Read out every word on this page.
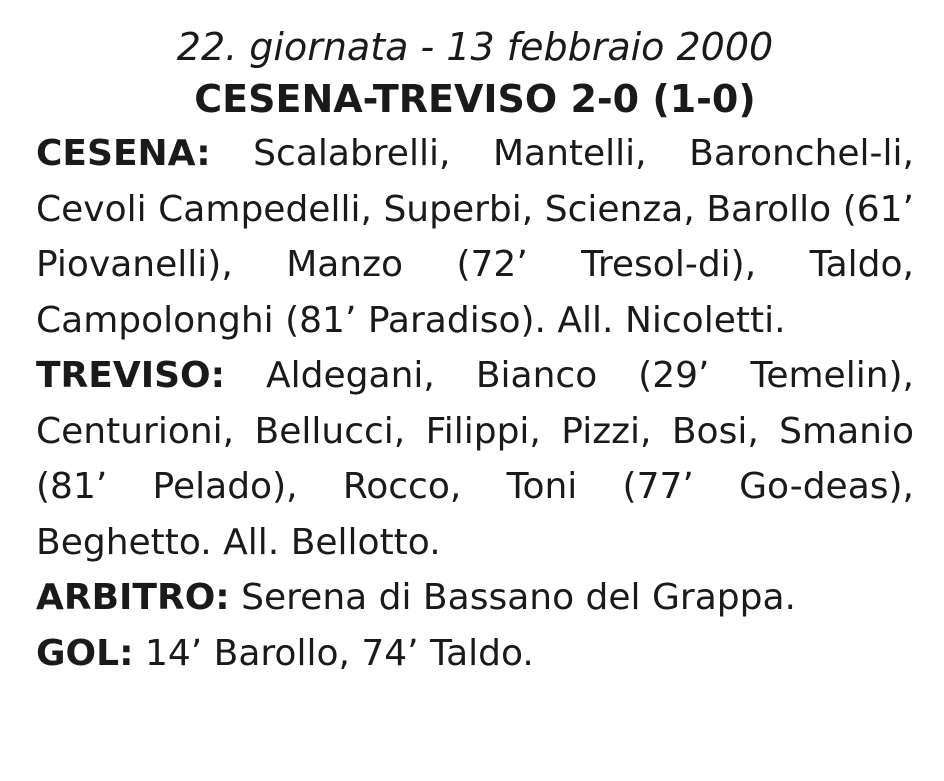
22. giornata - 13 febbraio 2000

CESENA-TREVISO 2-0 (1-0)

CESENA: Scalabrelli, Mantelli, Baronchel-li, Cevoli Campedelli, Superbi, Scienza, Barollo (61’ Piovanelli), Manzo (72’ Tresol-di), Taldo, Campolonghi (81’ Paradiso). All. Nicoletti.

TREVISO: Aldegani, Bianco (29’ Temelin), Centurioni, Bellucci, Filippi, Pizzi, Bosi, Smanio (81’ Pelado), Rocco, Toni (77’ Go-deas), Beghetto. All. Bellotto.

ARBITRO: Serena di Bassano del Grappa.

GOL: 14’ Barollo, 74’ Taldo.
